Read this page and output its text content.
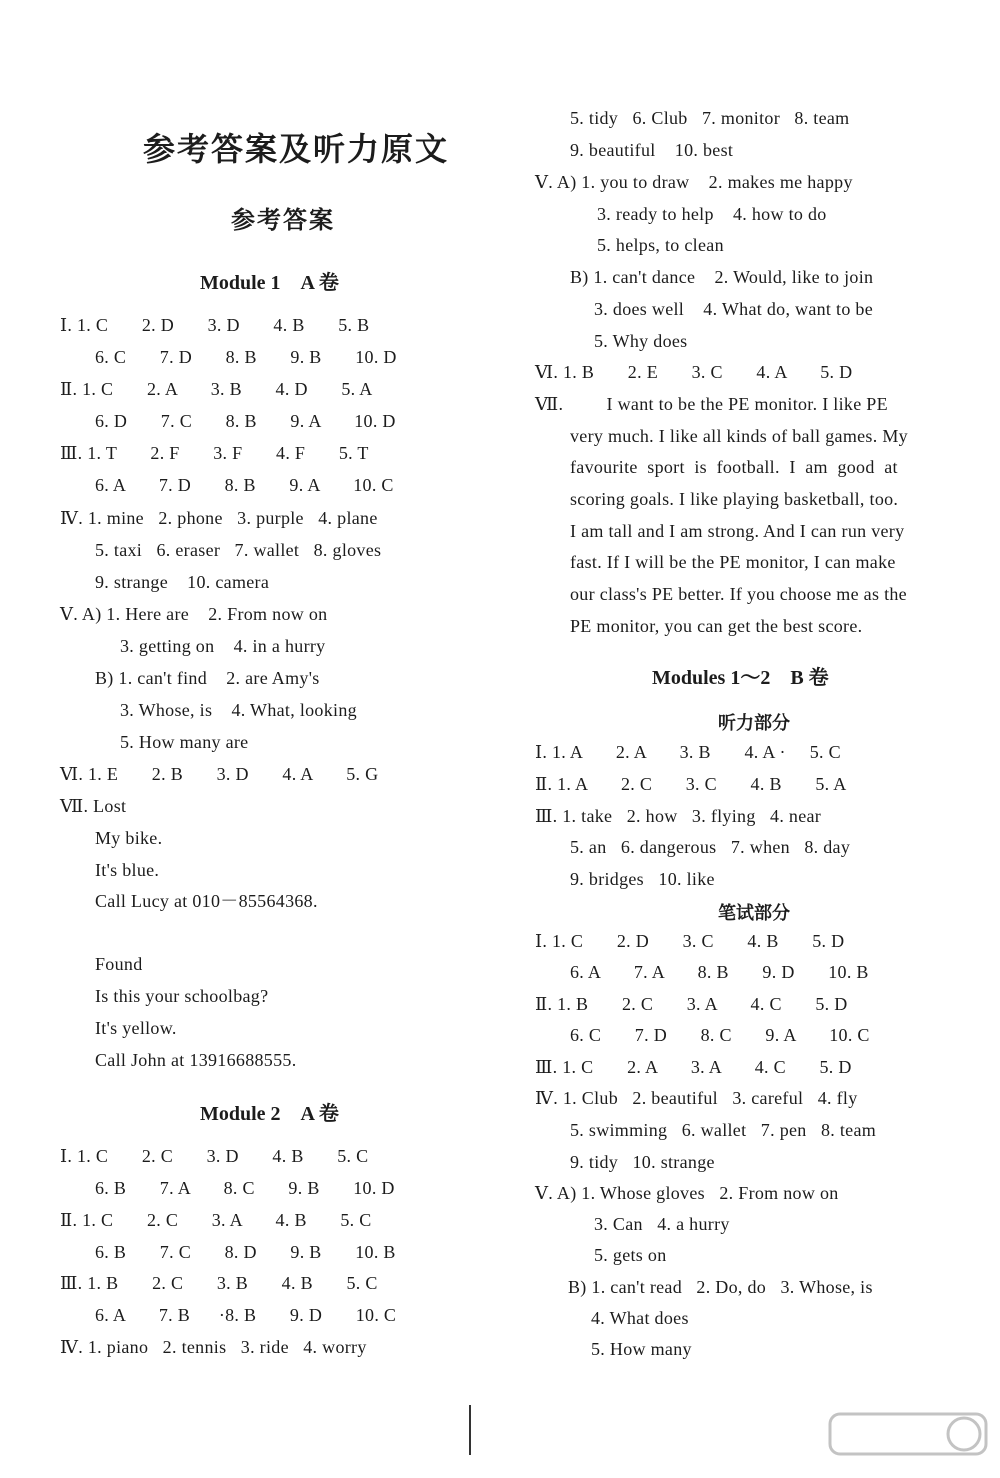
参考答案及听力原文
参考答案
Module 1　A 卷
Ⅰ. 1. C       2. D       3. D       4. B       5. B
6. C       7. D       8. B       9. B       10. D
Ⅱ. 1. C       2. A       3. B       4. D       5. A
6. D       7. C       8. B       9. A       10. D
Ⅲ. 1. T       2. F       3. F       4. F       5. T
6. A       7. D       8. B       9. A       10. C
Ⅳ. 1. mine   2. phone   3. purple   4. plane
5. taxi   6. eraser   7. wallet   8. gloves
9. strange    10. camera
Ⅴ. A) 1. Here are    2. From now on
3. getting on    4. in a hurry
B) 1. can't find    2. are Amy's
3. Whose, is    4. What, looking
5. How many are
Ⅵ. 1. E       2. B       3. D       4. A       5. G
Ⅶ. Lost
My bike.
It's blue.
Call Lucy at 010－85564368.
Found
Is this your schoolbag?
It's yellow.
Call John at 13916688555.
Module 2　A 卷
Ⅰ. 1. C       2. C       3. D       4. B       5. C
6. B       7. A       8. C       9. B       10. D
Ⅱ. 1. C       2. C       3. A       4. B       5. C
6. B       7. C       8. D       9. B       10. B
Ⅲ. 1. B       2. C       3. B       4. B       5. C
6. A       7. B      ·8. B       9. D       10. C
Ⅳ. 1. piano   2. tennis   3. ride   4. worry
5. tidy   6. Club   7. monitor   8. team
9. beautiful    10. best
Ⅴ. A) 1. you to draw    2. makes me happy
3. ready to help    4. how to do
5. helps, to clean
B) 1. can't dance    2. Would, like to join
3. does well    4. What do, want to be
5. Why does
Ⅵ. 1. B       2. E       3. C       4. A       5. D
Ⅶ.         I want to be the PE monitor. I like PE
very much. I like all kinds of ball games. My
favourite  sport  is  football.  I  am  good  at
scoring goals. I like playing basketball, too.
I am tall and I am strong. And I can run very
fast. If I will be the PE monitor, I can make
our class's PE better. If you choose me as the
PE monitor, you can get the best score.
Modules 1～2　B 卷
听力部分
Ⅰ. 1. A       2. A       3. B       4. A ·     5. C
Ⅱ. 1. A       2. C       3. C       4. B       5. A
Ⅲ. 1. take   2. how   3. flying   4. near
5. an   6. dangerous   7. when   8. day
9. bridges   10. like
笔试部分
Ⅰ. 1. C       2. D       3. C       4. B       5. D
6. A       7. A       8. B       9. D       10. B
Ⅱ. 1. B       2. C       3. A       4. C       5. D
6. C       7. D       8. C       9. A       10. C
Ⅲ. 1. C       2. A       3. A       4. C       5. D
Ⅳ. 1. Club   2. beautiful   3. careful   4. fly
5. swimming   6. wallet   7. pen   8. team
9. tidy   10. strange
Ⅴ. A) 1. Whose gloves   2. From now on
3. Can   4. a hurry
5. gets on
B) 1. can't read   2. Do, do   3. Whose, is
4. What does
5. How many
